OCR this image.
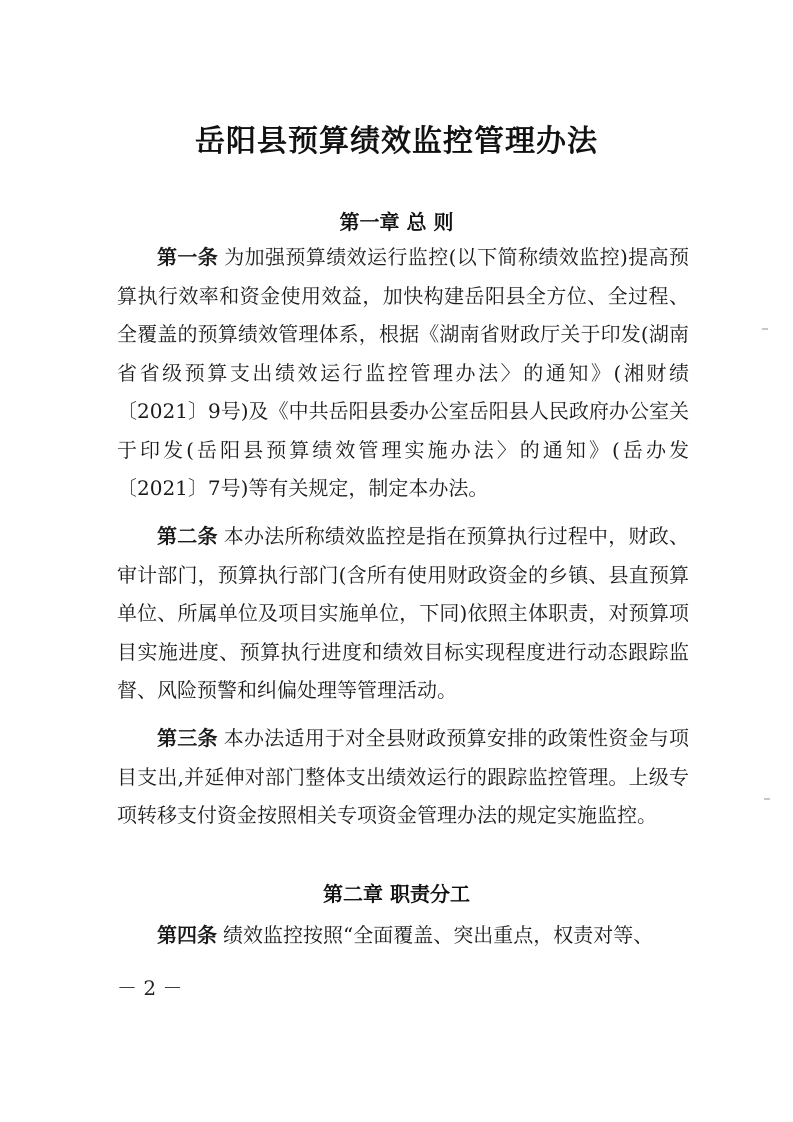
岳阳县预算绩效监控管理办法
第一章 总 则
第一条 为加强预算绩效运行监控(以下简称绩效监控)提高预算执行效率和资金使用效益，加快构建岳阳县全方位、全过程、全覆盖的预算绩效管理体系，根据《湖南省财政厅关于印发(湖南省省级预算支出绩效运行监控管理办法〉的通知》(湘财绩〔2021〕9号)及《中共岳阳县委办公室岳阳县人民政府办公室关于印发(岳阳县预算绩效管理实施办法〉的通知》(岳办发〔2021〕7号)等有关规定，制定本办法。
第二条 本办法所称绩效监控是指在预算执行过程中，财政、审计部门，预算执行部门(含所有使用财政资金的乡镇、县直预算单位、所属单位及项目实施单位，下同)依照主体职责，对预算项目实施进度、预算执行进度和绩效目标实现程度进行动态跟踪监督、风险预警和纠偏处理等管理活动。
第三条 本办法适用于对全县财政预算安排的政策性资金与项目支出,并延伸对部门整体支出绩效运行的跟踪监控管理。上级专项转移支付资金按照相关专项资金管理办法的规定实施监控。
第二章 职责分工
第四条 绩效监控按照“全面覆盖、突出重点，权责对等、
－ 2 －
